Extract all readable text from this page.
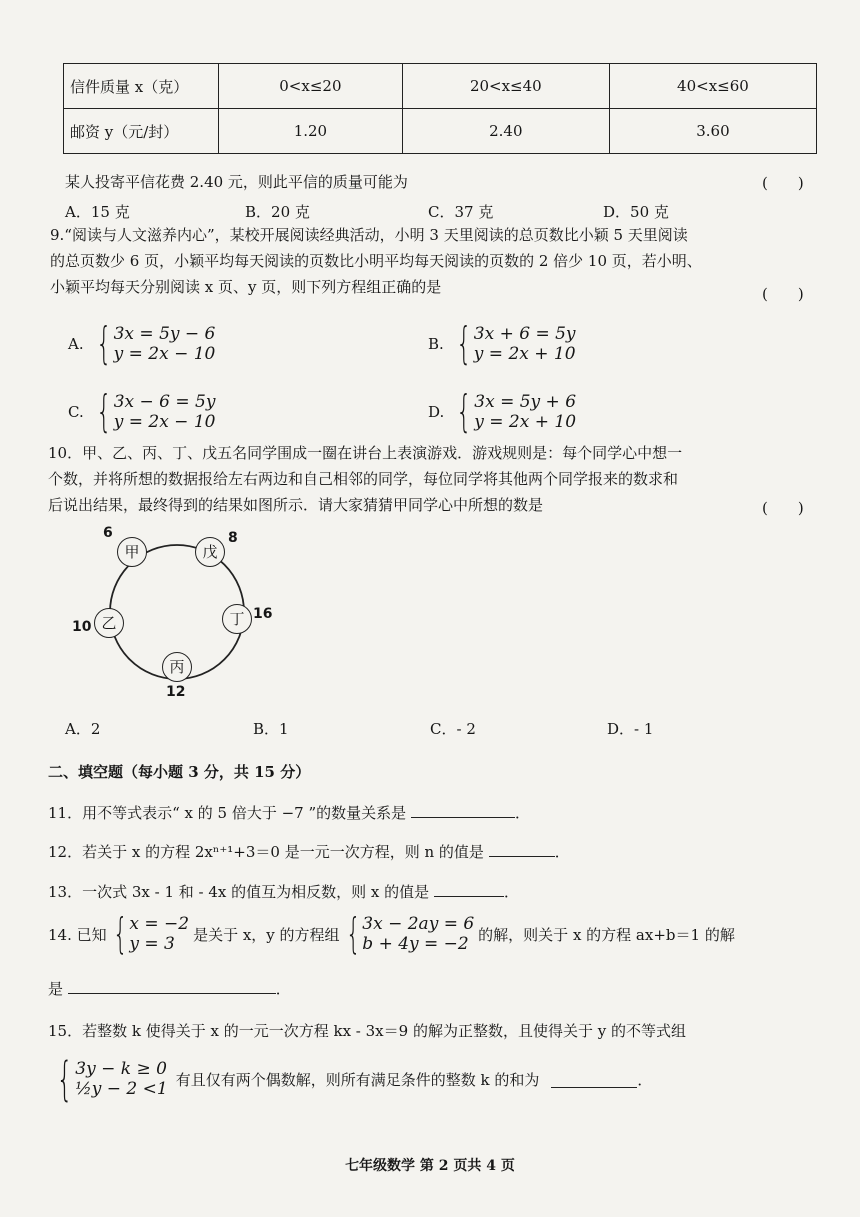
信件质量 x（克）	0<x≤20	20<x≤40	40<x≤60
邮资 y（元/封）	1.20	2.40	3.60
某人投寄平信花费 2.40 元，则此平信的质量可能为	(　　)
A．15 克	B．20 克	C．37 克	D．50 克
9.“阅读与人文滋养内心”，某校开展阅读经典活动，小明 3 天里阅读的总页数比小颖 5 天里阅读
的总页数少 6 页，小颖平均每天阅读的页数比小明平均每天阅读的页数的 2 倍少 10 页，若小明、
小颖平均每天分别阅读 x 页、y 页，则下列方程组正确的是	(　　)
A. { 3x = 5y − 6
y = 2x − 10	B. { 3x + 6 = 5y
y = 2x + 10
C. { 3x − 6 = 5y
y = 2x − 10	D. { 3x = 5y + 6
y = 2x + 10
10．甲、乙、丙、丁、戊五名同学围成一圈在讲台上表演游戏．游戏规则是：每个同学心中想一
个数，并将所想的数据报给左右两边和自己相邻的同学，每位同学将其他两个同学报来的数求和
后说出结果，最终得到的结果如图所示．请大家猜猜甲同学心中所想的数是	(　　)
甲
6
戊
8
乙
10	丁 16
丙
12
A．2	B．1	C．- 2	D．- 1
二、填空题（每小题 3 分，共 15 分）
11．用不等式表示“ x 的 5 倍大于 −7 ”的数量关系是	．
12．若关于 x 的方程 2xⁿ⁺¹+3＝0 是一元一次方程，则 n 的值是	．
13．一次式 3x - 1 和 - 4x 的值互为相反数，则 x 的值是	．
14. 已知 { x = −2
y = 3	是关于 x，y 的方程组 { 3x − 2ay = 6
b + 4y = −2 的解，则关于 x 的方程 ax+b＝1 的解
是	．
15．若整数 k 使得关于 x 的一元一次方程 kx - 3x＝9 的解为正整数，且使得关于 y 的不等式组
{ 3y − k ≥ 0
½y − 2 <1 有且仅有两个偶数解，则所有满足条件的整数 k 的和为	．
七年级数学 第 2 页共 4 页
